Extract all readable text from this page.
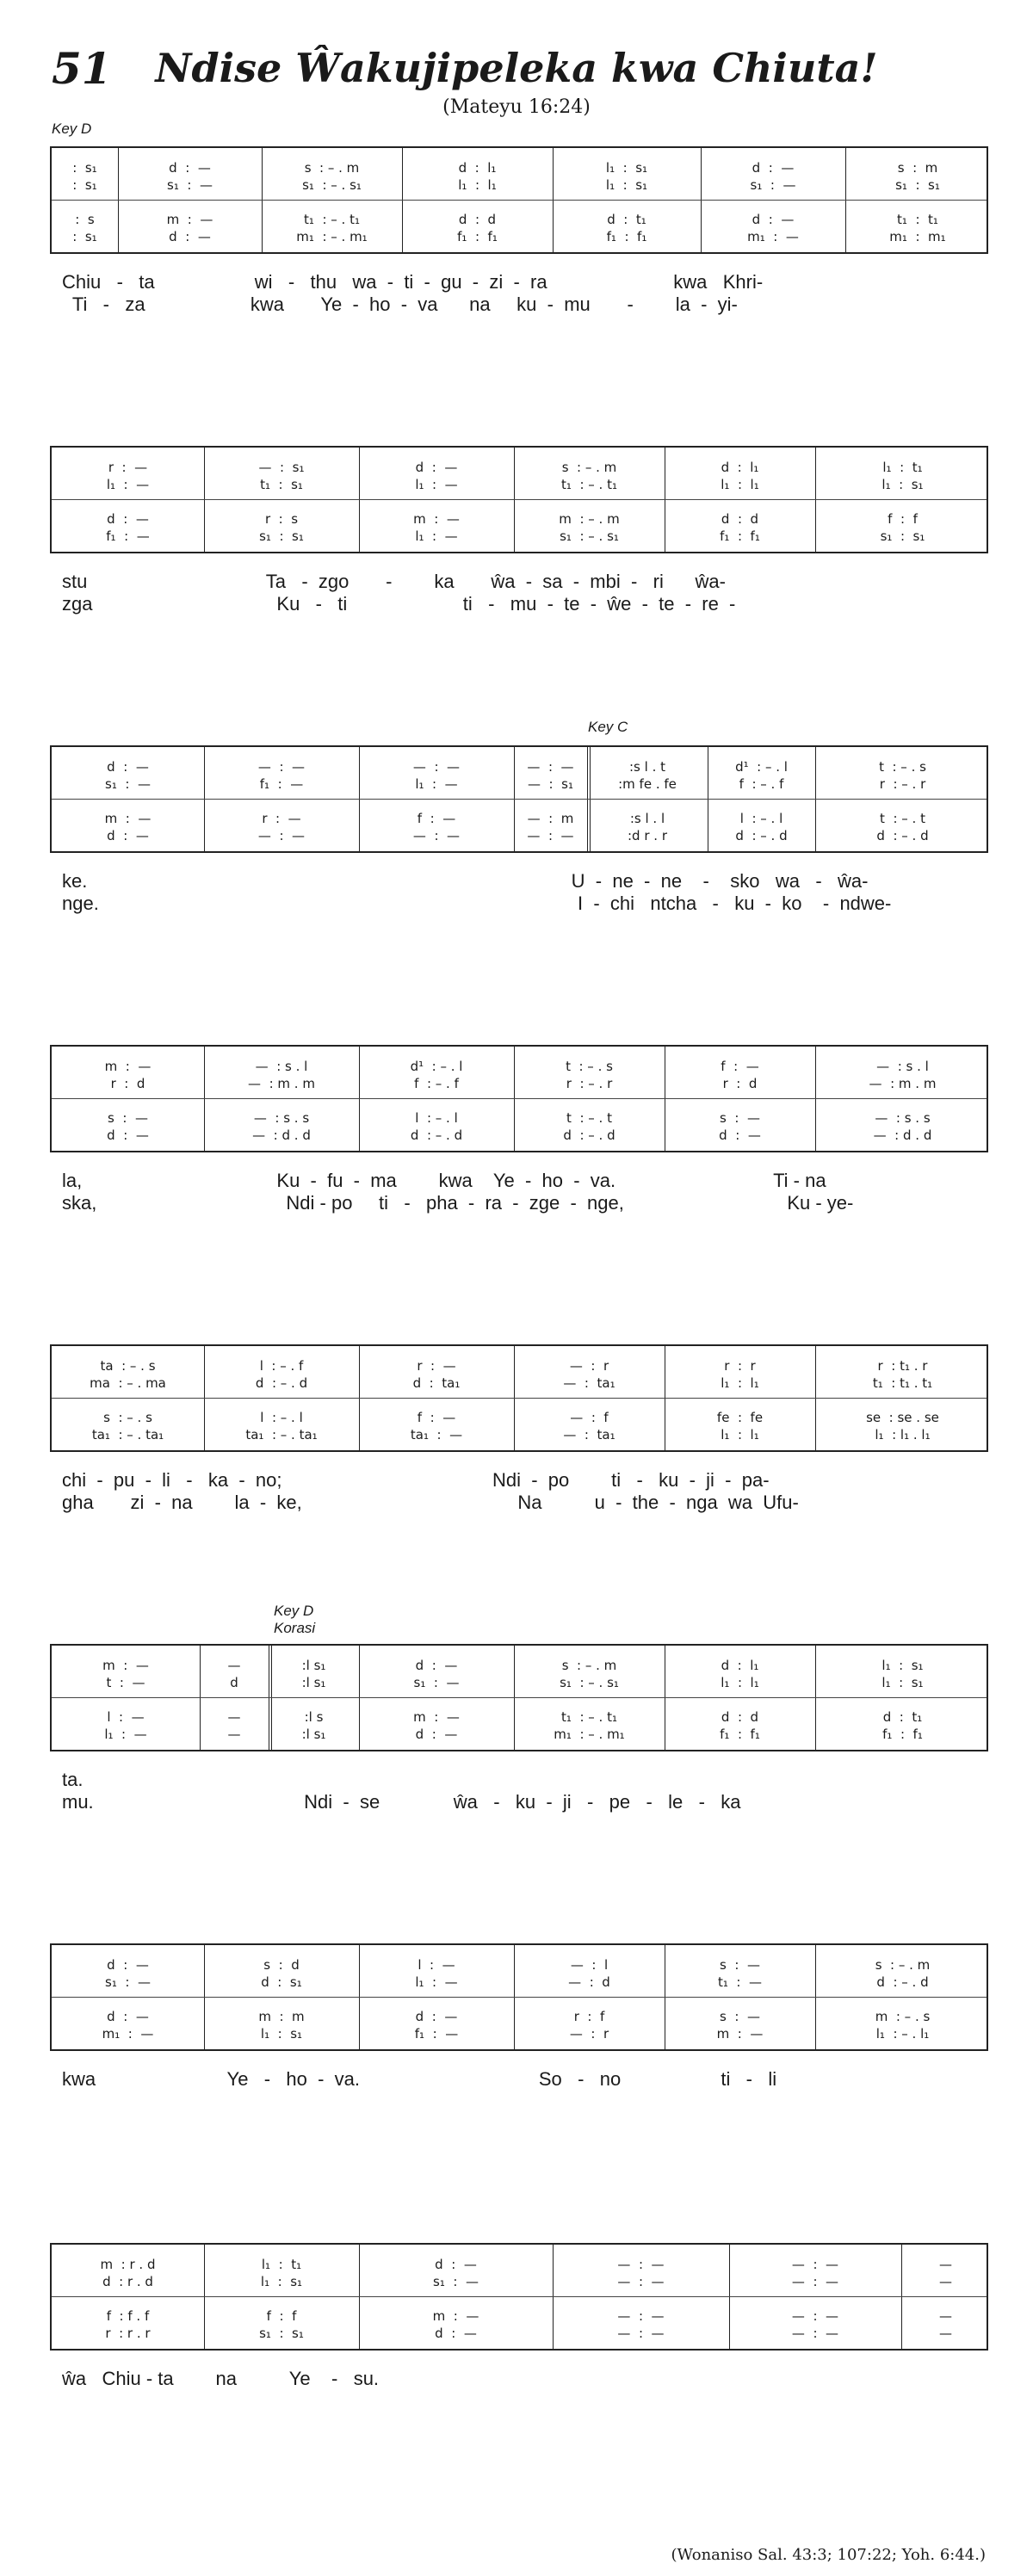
51	Ndise Ŵakujipeleka kwa Chiuta!
(Mateyu 16:24)
Key D
Key C
Key D
Korasi
:  s₁	d  :  —	s  : – . m	d  :  l₁	l₁  :  s₁	d  :  —	s  :  m
:  s₁	s₁  :  —	s₁  : – . s₁	l₁  :  l₁	l₁  :  s₁	s₁  :  —	s₁  :  s₁
:  s	m  :  —	t₁  : – . t₁	d  :  d	d  :  t₁	d  :  —	t₁  :  t₁
:  s₁	d  :  —	m₁  : – . m₁	f₁  :  f₁	f₁  :  f₁	m₁  :  —	m₁  :  m₁
r  :  —	—  :  s₁	d  :  —	s  : – . m	d  :  l₁	l₁  :  t₁
l₁  :  —	t₁  :  s₁	l₁  :  —	t₁  : – . t₁	l₁  :  l₁	l₁  :  s₁
d  :  —	r  :  s	m  :  —	m  : – . m	d  :  d	f  :  f
f₁  :  —	s₁  :  s₁	l₁  :  —	s₁  : – . s₁	f₁  :  f₁	s₁  :  s₁
d  :  —	—  :  —	—  :  —	—  :  —	:s l . t	d¹  : – . l	t  : – . s
s₁  :  —	f₁  :  —	l₁  :  —	—  :  s₁	:m fe . fe	f  : – . f	r  : – . r
m  :  —	r  :  —	f  :  —	—  :  m	:s l . l	l  : – . l	t  : – . t
d  :  —	—  :  —	—  :  —	—  :  —	:d r . r	d  : – . d	d  : – . d
m  :  —	—  : s . l	d¹  : – . l	t  : – . s	f  :  —	—  : s . l
r  :  d	—  : m . m	f  : – . f	r  : – . r	r  :  d	—  : m . m
s  :  —	—  : s . s	l  : – . l	t  : – . t	s  :  —	—  : s . s
d  :  —	—  : d . d	d  : – . d	d  : – . d	d  :  —	—  : d . d
ta  : – . s	l  : – . f	r  :  —	—  :  r	r  :  r	r  : t₁ . r
ma  : – . ma	d  : – . d	d  :  ta₁	—  :  ta₁	l₁  :  l₁	t₁  : t₁ . t₁
s  : – . s	l  : – . l	f  :  —	—  :  f	fe  :  fe	se  : se . se
ta₁  : – . ta₁	ta₁  : – . ta₁	ta₁  :  —	—  :  ta₁	l₁  :  l₁	l₁  : l₁ . l₁
m  :  —	—	:l s₁	d  :  —	s  : – . m	d  :  l₁	l₁  :  s₁
t  :  —	d	:l s₁	s₁  :  —	s₁  : – . s₁	l₁  :  l₁	l₁  :  s₁
l  :  —	—	:l s	m  :  —	t₁  : – . t₁	d  :  d	d  :  t₁
l₁  :  —	—	:l s₁	d  :  —	m₁  : – . m₁	f₁  :  f₁	f₁  :  f₁
d  :  —	s  :  d	l  :  —	—  :  l	s  :  —	s  : – . m
s₁  :  —	d  :  s₁	l₁  :  —	—  :  d	t₁  :  —	d  : – . d
d  :  —	m  :  m	d  :  —	r  :  f	s  :  —	m  : – . s
m₁  :  —	l₁  :  s₁	f₁  :  —	—  :  r	m  :  —	l₁  : – . l₁
m  : r . d	l₁  :  t₁	d  :  —	—  :  —	—  :  —	—
d  : r . d	l₁  :  s₁	s₁  :  —	—  :  —	—  :  —	—
f  : f . f	f  :  f	m  :  —	—  :  —	—  :  —	—
r  : r . r	s₁  :  s₁	d  :  —	—  :  —	—  :  —	—
(Wonaniso Sal. 43:3; 107:22; Yoh. 6:44.)
Chiu   -   ta                   wi   -   thu   wa  -  ti  -  gu  -  zi  -  ra                        kwa   Khri-
Ti   -   za                    kwa       Ye  -  ho  -  va      na     ku  -  mu       -        la  -  yi-
stu                                  Ta   -  zgo       -        ka       ŵa  -  sa  -  mbi  -   ri      ŵa-
zga                                   Ku   -   ti                      ti   -   mu  -  te  -  ŵe  -  te  -  re  -
ke.                                                                                            U  -  ne  -  ne    -    sko   wa   -   ŵa-
nge.                                                                                           I  -  chi   ntcha   -   ku  -  ko    -  ndwe-
la,                                     Ku  -  fu  -  ma        kwa    Ye  -  ho  -  va.                              Ti - na
ska,                                    Ndi - po     ti   -   pha  -  ra  -  zge  -  nge,                               Ku - ye-
chi  -  pu  -  li   -   ka  -  no;                                        Ndi  -  po        ti   -   ku  -  ji  -  pa-
gha       zi  -  na        la  -  ke,                                         Na          u  -  the  -  nga  wa  Ufu-
ta.
mu.                                        Ndi  -  se              ŵa   -   ku  -  ji   -   pe   -   le   -   ka
kwa                         Ye   -   ho  -  va.                                  So   -   no                   ti   -   li
ŵa   Chiu - ta        na          Ye    -   su.
